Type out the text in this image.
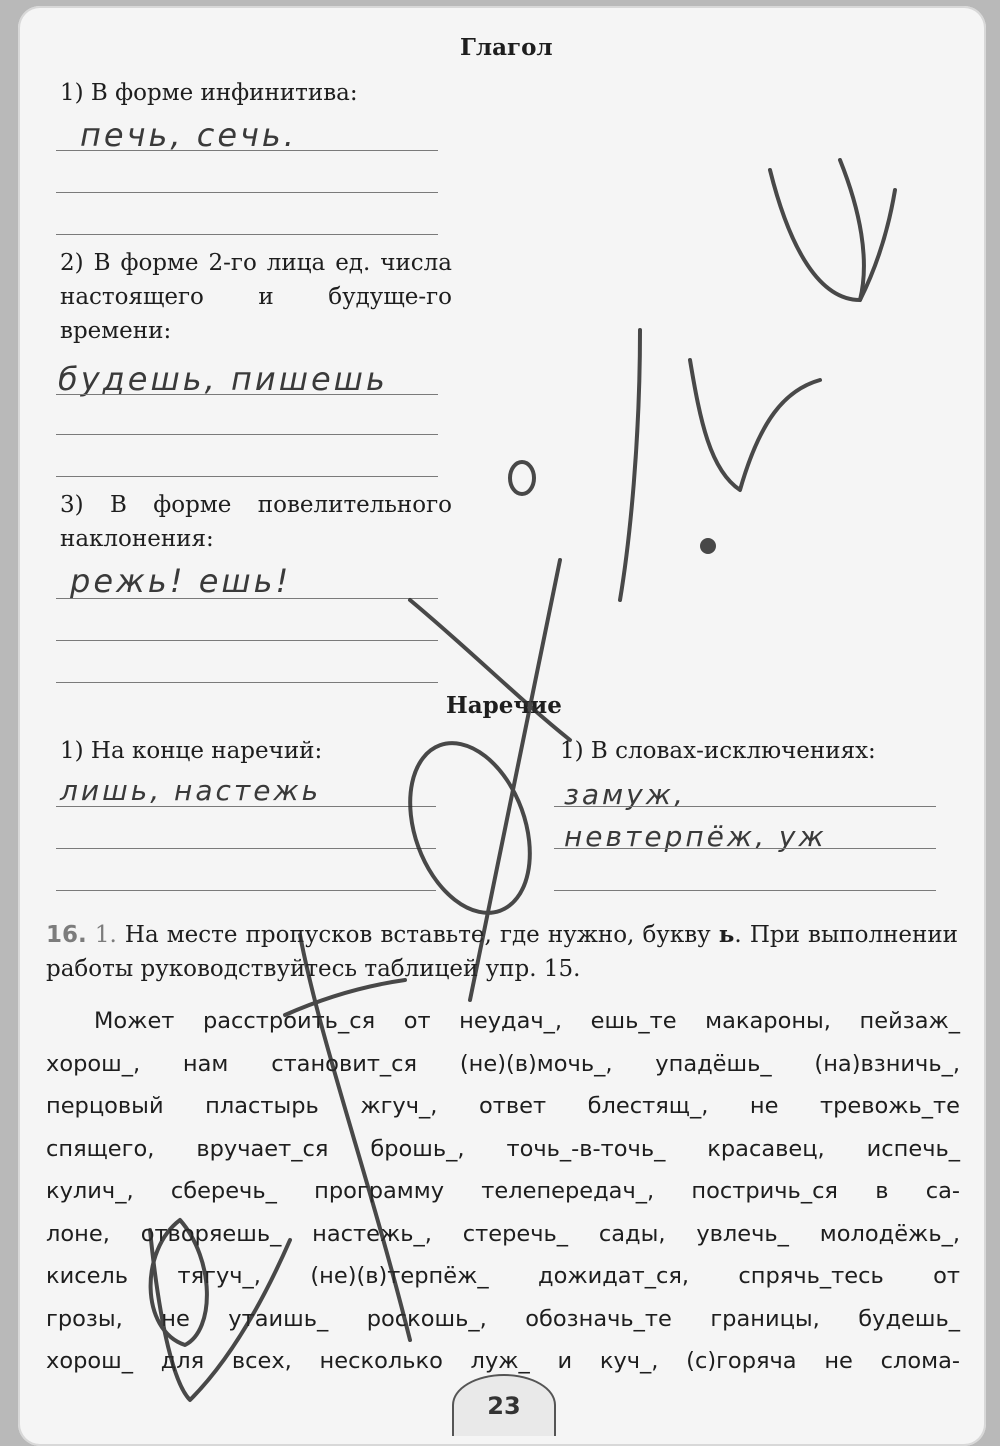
Глагол
1) В форме инфинитива:
печь, сечь.
2) В форме 2-го лица ед. числа настоящего и будуще-го времени:
будешь, пишешь
3) В форме повелительного наклонения:
режь! ешь!
Наречие
1) На конце наречий:
лишь, настежь
1) В словах-исключениях:
замуж, невтерпёж, уж
16. 1. На месте пропусков вставьте, где нужно, букву ь. При выполнении работы руководствуйтесь таблицей упр. 15.

Может расстроить_ся от неудач_, ешь_те макароны, пейзаж_

хорош_, нам становит_ся (не)(в)мочь_, упадёшь_ (на)взничь_,

перцовый пластырь жгуч_, ответ блестящ_, не тревожь_те

спящего, вручает_ся брошь_, точь_-в-точь_ красавец, испечь_

кулич_, сберечь_ программу телепередач_, постричь_ся в са-

лоне, отворяешь_ настежь_, стеречь_ сады, увлечь_ молодёжь_,

кисель тягуч_, (не)(в)терпёж_ дожидат_ся, спрячь_тесь от

грозы, не утаишь_ роскошь_, обозначь_те границы, будешь_

хорош_ для всех, несколько луж_ и куч_, (с)горяча не слома-

23
